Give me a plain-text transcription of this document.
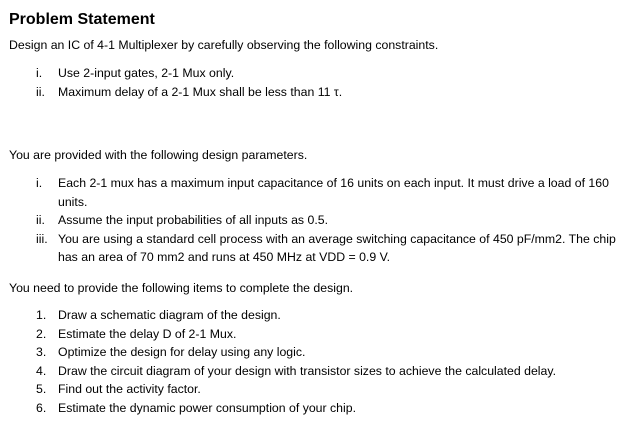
Problem Statement
Design an IC of 4-1 Multiplexer by carefully observing the following constraints.
i. Use 2-input gates, 2-1 Mux only.
ii. Maximum delay of a 2-1 Mux shall be less than 11 τ.
You are provided with the following design parameters.
i. Each 2-1 mux has a maximum input capacitance of 16 units on each input. It must drive a load of 160 units.
ii. Assume the input probabilities of all inputs as 0.5.
iii. You are using a standard cell process with an average switching capacitance of 450 pF/mm2. The chip has an area of 70 mm2 and runs at 450 MHz at VDD = 0.9 V.
You need to provide the following items to complete the design.
1. Draw a schematic diagram of the design.
2. Estimate the delay D of 2-1 Mux.
3. Optimize the design for delay using any logic.
4. Draw the circuit diagram of your design with transistor sizes to achieve the calculated delay.
5. Find out the activity factor.
6. Estimate the dynamic power consumption of your chip.
